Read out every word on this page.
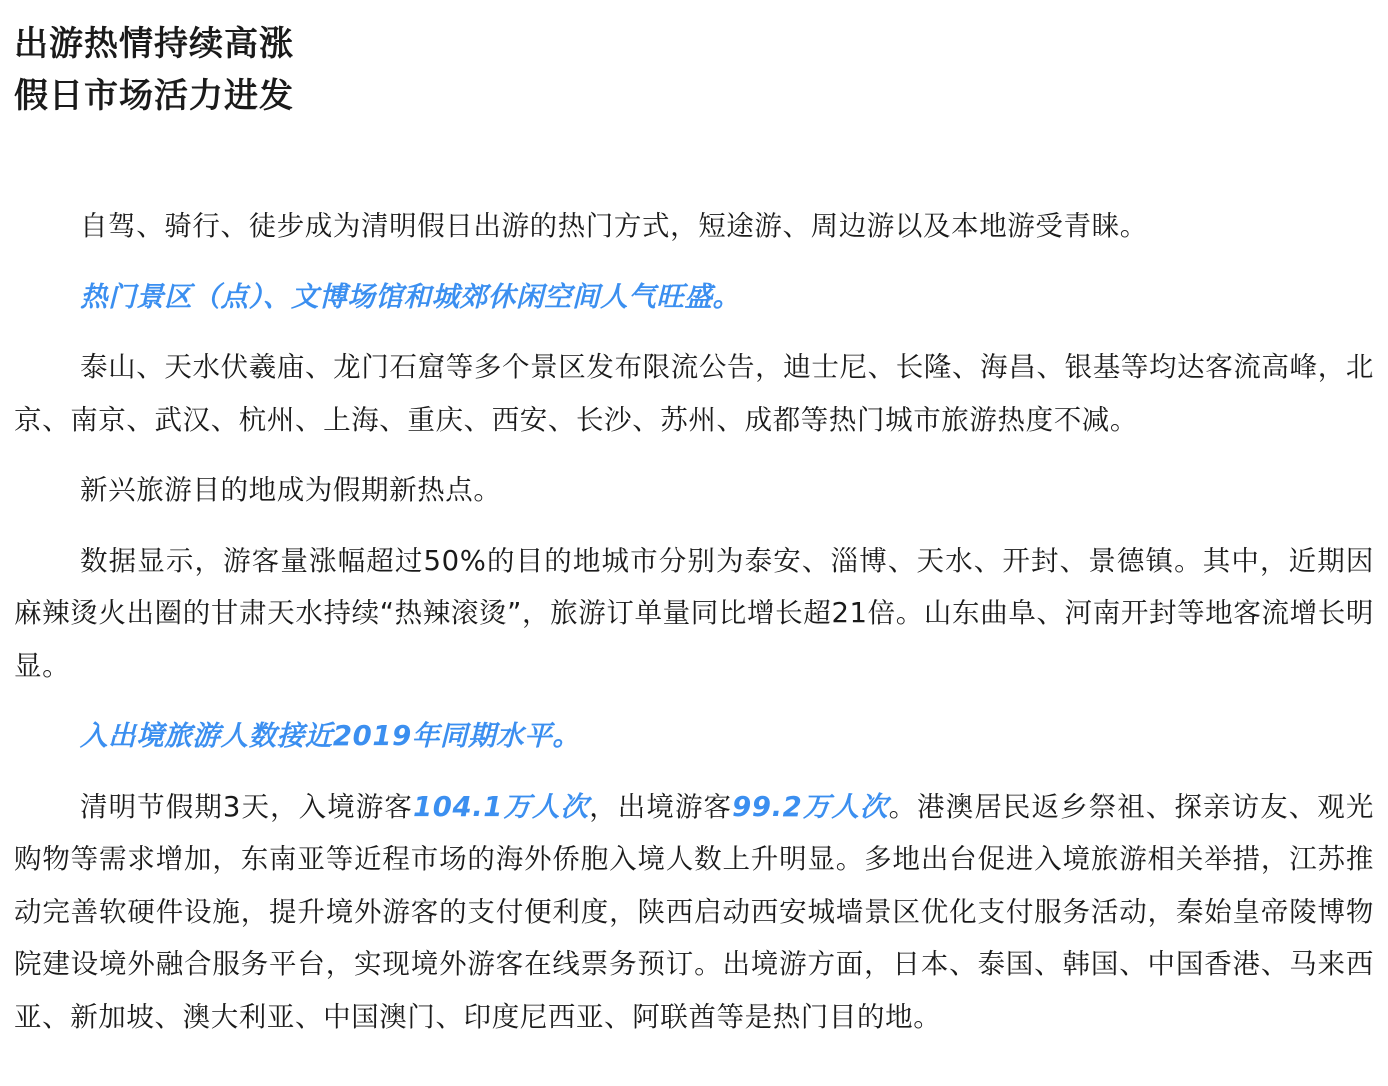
出游热情持续高涨
假日市场活力进发

自驾、骑行、徒步成为清明假日出游的热门方式，短途游、周边游以及本地游受青睐。

热门景区（点）、文博场馆和城郊休闲空间人气旺盛。

泰山、天水伏羲庙、龙门石窟等多个景区发布限流公告，迪士尼、长隆、海昌、银基等均达客流高峰，北京、南京、武汉、杭州、上海、重庆、西安、长沙、苏州、成都等热门城市旅游热度不减。

新兴旅游目的地成为假期新热点。

数据显示，游客量涨幅超过50%的目的地城市分别为泰安、淄博、天水、开封、景德镇。其中，近期因麻辣烫火出圈的甘肃天水持续“热辣滚烫”，旅游订单量同比增长超21倍。山东曲阜、河南开封等地客流增长明显。

入出境旅游人数接近2019年同期水平。

清明节假期3天，入境游客104.1万人次，出境游客99.2万人次。港澳居民返乡祭祖、探亲访友、观光购物等需求增加，东南亚等近程市场的海外侨胞入境人数上升明显。多地出台促进入境旅游相关举措，江苏推动完善软硬件设施，提升境外游客的支付便利度，陕西启动西安城墙景区优化支付服务活动，秦始皇帝陵博物院建设境外融合服务平台，实现境外游客在线票务预订。出境游方面，日本、泰国、韩国、中国香港、马来西亚、新加坡、澳大利亚、中国澳门、印度尼西亚、阿联酋等是热门目的地。
